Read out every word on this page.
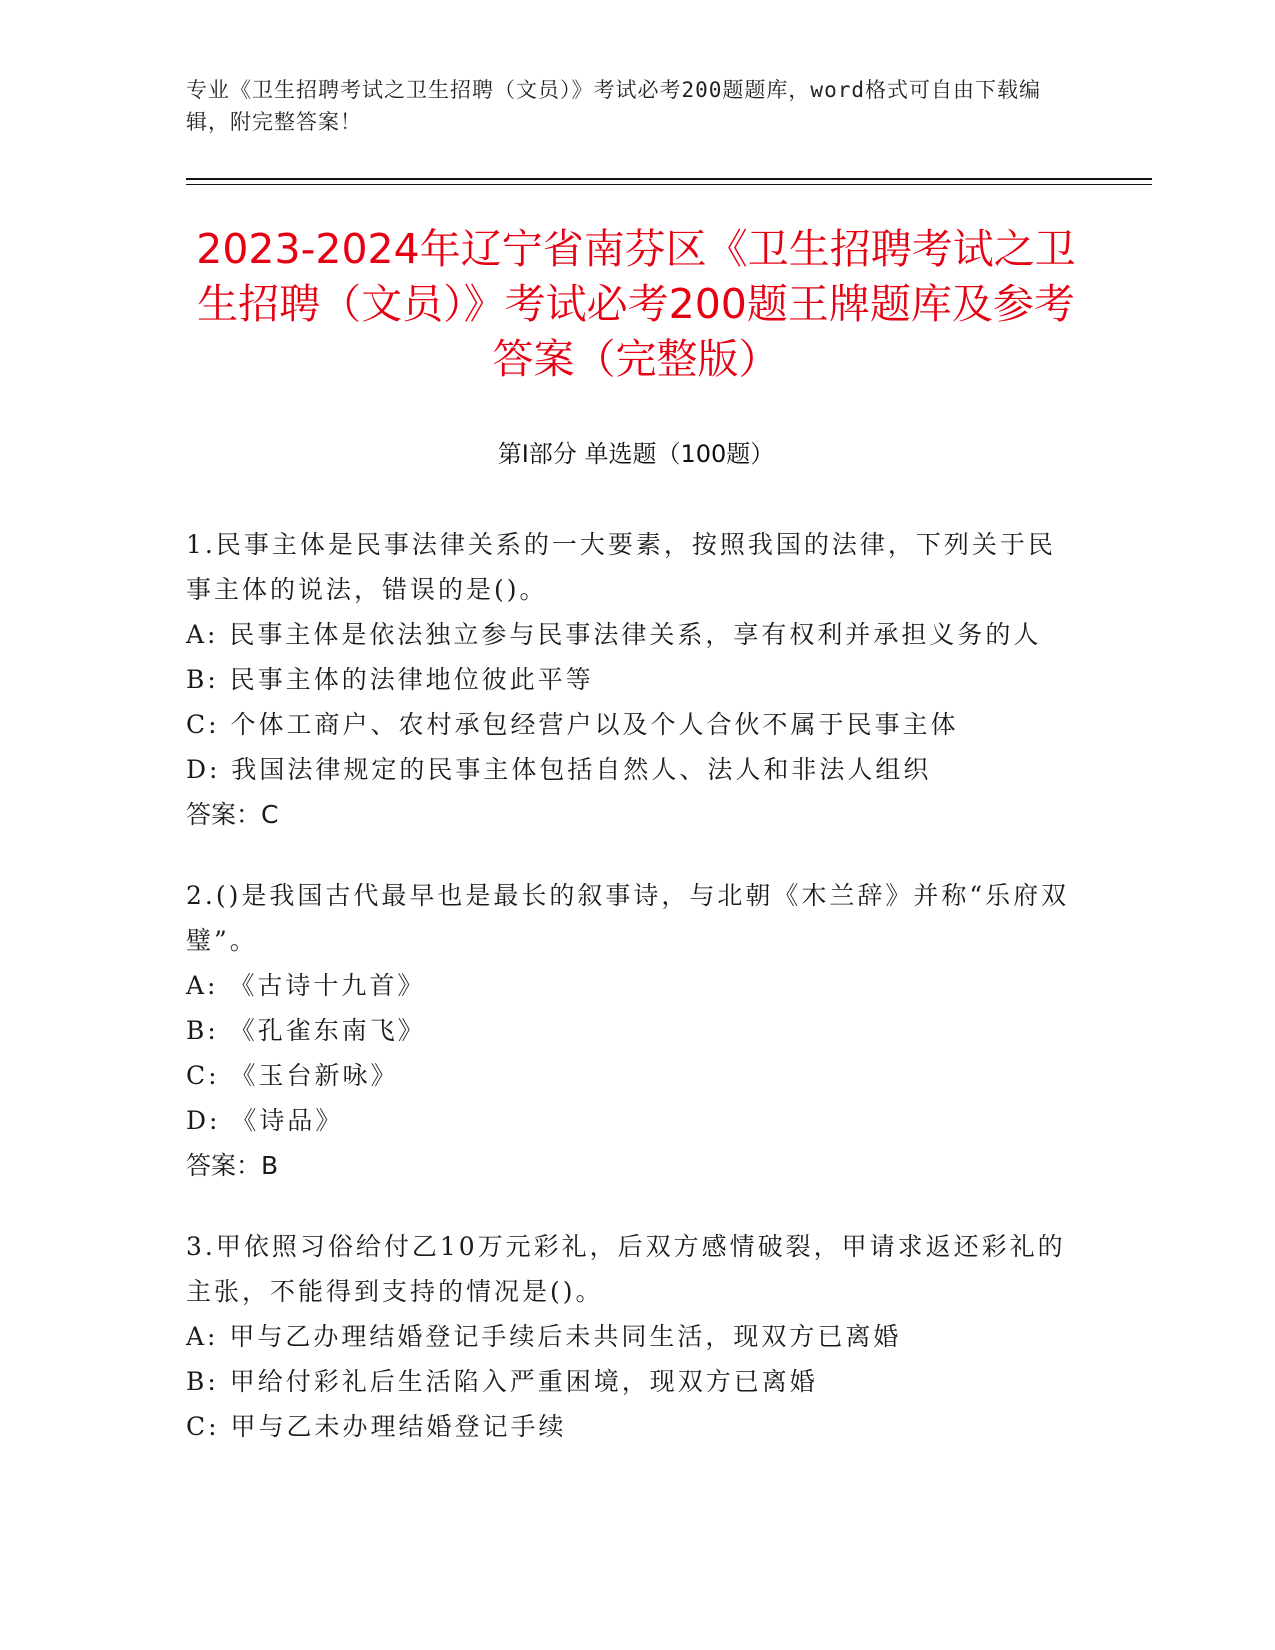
专业《卫生招聘考试之卫生招聘（文员）》考试必考200题题库，word格式可自由下载编辑，附完整答案！
2023-2024年辽宁省南芬区《卫生招聘考试之卫生招聘（文员）》考试必考200题王牌题库及参考答案（完整版）
第I部分 单选题（100题）

1.民事主体是民事法律关系的一大要素，按照我国的法律，下列关于民事主体的说法，错误的是()。

A: 民事主体是依法独立参与民事法律关系，享有权利并承担义务的人

B: 民事主体的法律地位彼此平等

C: 个体工商户、农村承包经营户以及个人合伙不属于民事主体

D: 我国法律规定的民事主体包括自然人、法人和非法人组织

答案：C

2.()是我国古代最早也是最长的叙事诗，与北朝《木兰辞》并称“乐府双璧”。

A: 《古诗十九首》

B: 《孔雀东南飞》

C: 《玉台新咏》

D: 《诗品》

答案：B

3.甲依照习俗给付乙10万元彩礼，后双方感情破裂，甲请求返还彩礼的主张，不能得到支持的情况是()。

A: 甲与乙办理结婚登记手续后未共同生活，现双方已离婚

B: 甲给付彩礼后生活陷入严重困境，现双方已离婚

C: 甲与乙未办理结婚登记手续
